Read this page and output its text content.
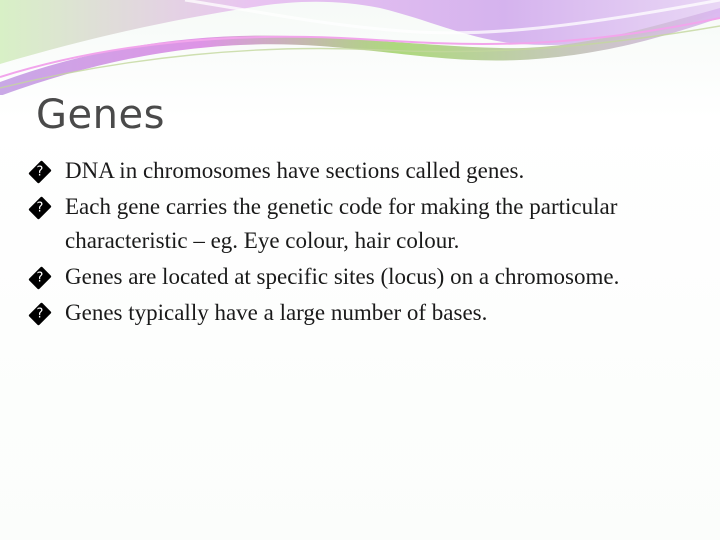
Genes
? DNA in chromosomes have sections called genes.
? Each gene carries the genetic code for making the particular characteristic – eg. Eye colour, hair colour.
? Genes are located at specific sites (locus) on a chromosome.
? Genes typically have a large number of bases.
